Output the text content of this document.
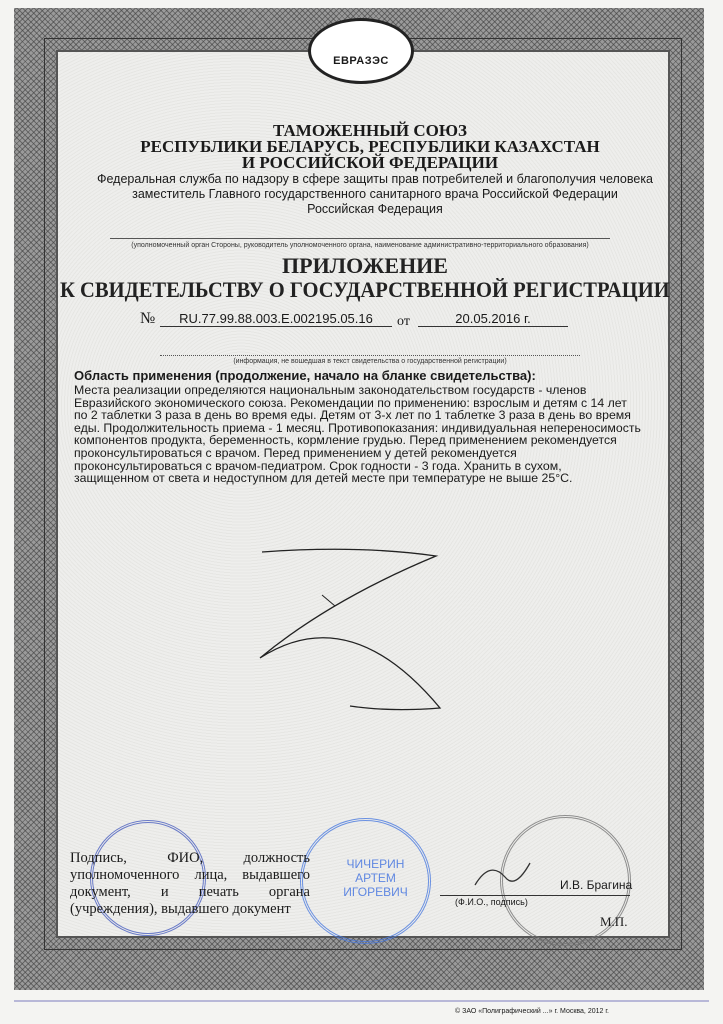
ЕВРАЗЭС
ТАМОЖЕННЫЙ СОЮЗ
РЕСПУБЛИКИ БЕЛАРУСЬ, РЕСПУБЛИКИ КАЗАХСТАН
И РОССИЙСКОЙ ФЕДЕРАЦИИ
Федеральная служба по надзору в сфере защиты прав потребителей и благополучия человека
заместитель Главного государственного санитарного врача Российской Федерации
Российская Федерация
(уполномоченный орган Стороны, руководитель уполномоченного органа, наименование административно-территориального образования)
ПРИЛОЖЕНИЕ
К СВИДЕТЕЛЬСТВУ О ГОСУДАРСТВЕННОЙ РЕГИСТРАЦИИ
№	RU.77.99.88.003.E.002195.05.16	от	20.05.2016 г.
(информация, не вошедшая в текст свидетельства о государственной регистрации)
Область применения (продолжение, начало на бланке свидетельства):
Места реализации определяются национальным законодательством государств - членов
Евразийского экономического союза. Рекомендации по применению: взрослым и детям с 14 лет
по 2 таблетки 3 раза в день во время еды. Детям от 3-х лет по 1 таблетке 3 раза в день во время
еды. Продолжительность приема - 1 месяц. Противопоказания: индивидуальная непереносимость
компонентов продукта, беременность, кормление грудью. Перед применением рекомендуется
проконсультироваться с врачом. Перед применением у детей рекомендуется
проконсультироваться с врачом-педиатром. Срок годности - 3 года. Хранить в сухом,
защищенном от света и недоступном для детей месте при температуре не выше 25°С.
ЧИЧЕРИН
АРТЕМ
ИГОРЕВИЧ
Подпись, ФИО, должность уполномоченного лица, выдавшего документ, и печать органа (учреждения), выдавшего документ
И.В. Брагина
(Ф.И.О., подпись)
М.П.
© ЗАО «Полиграфический ...» г. Москва, 2012 г.
